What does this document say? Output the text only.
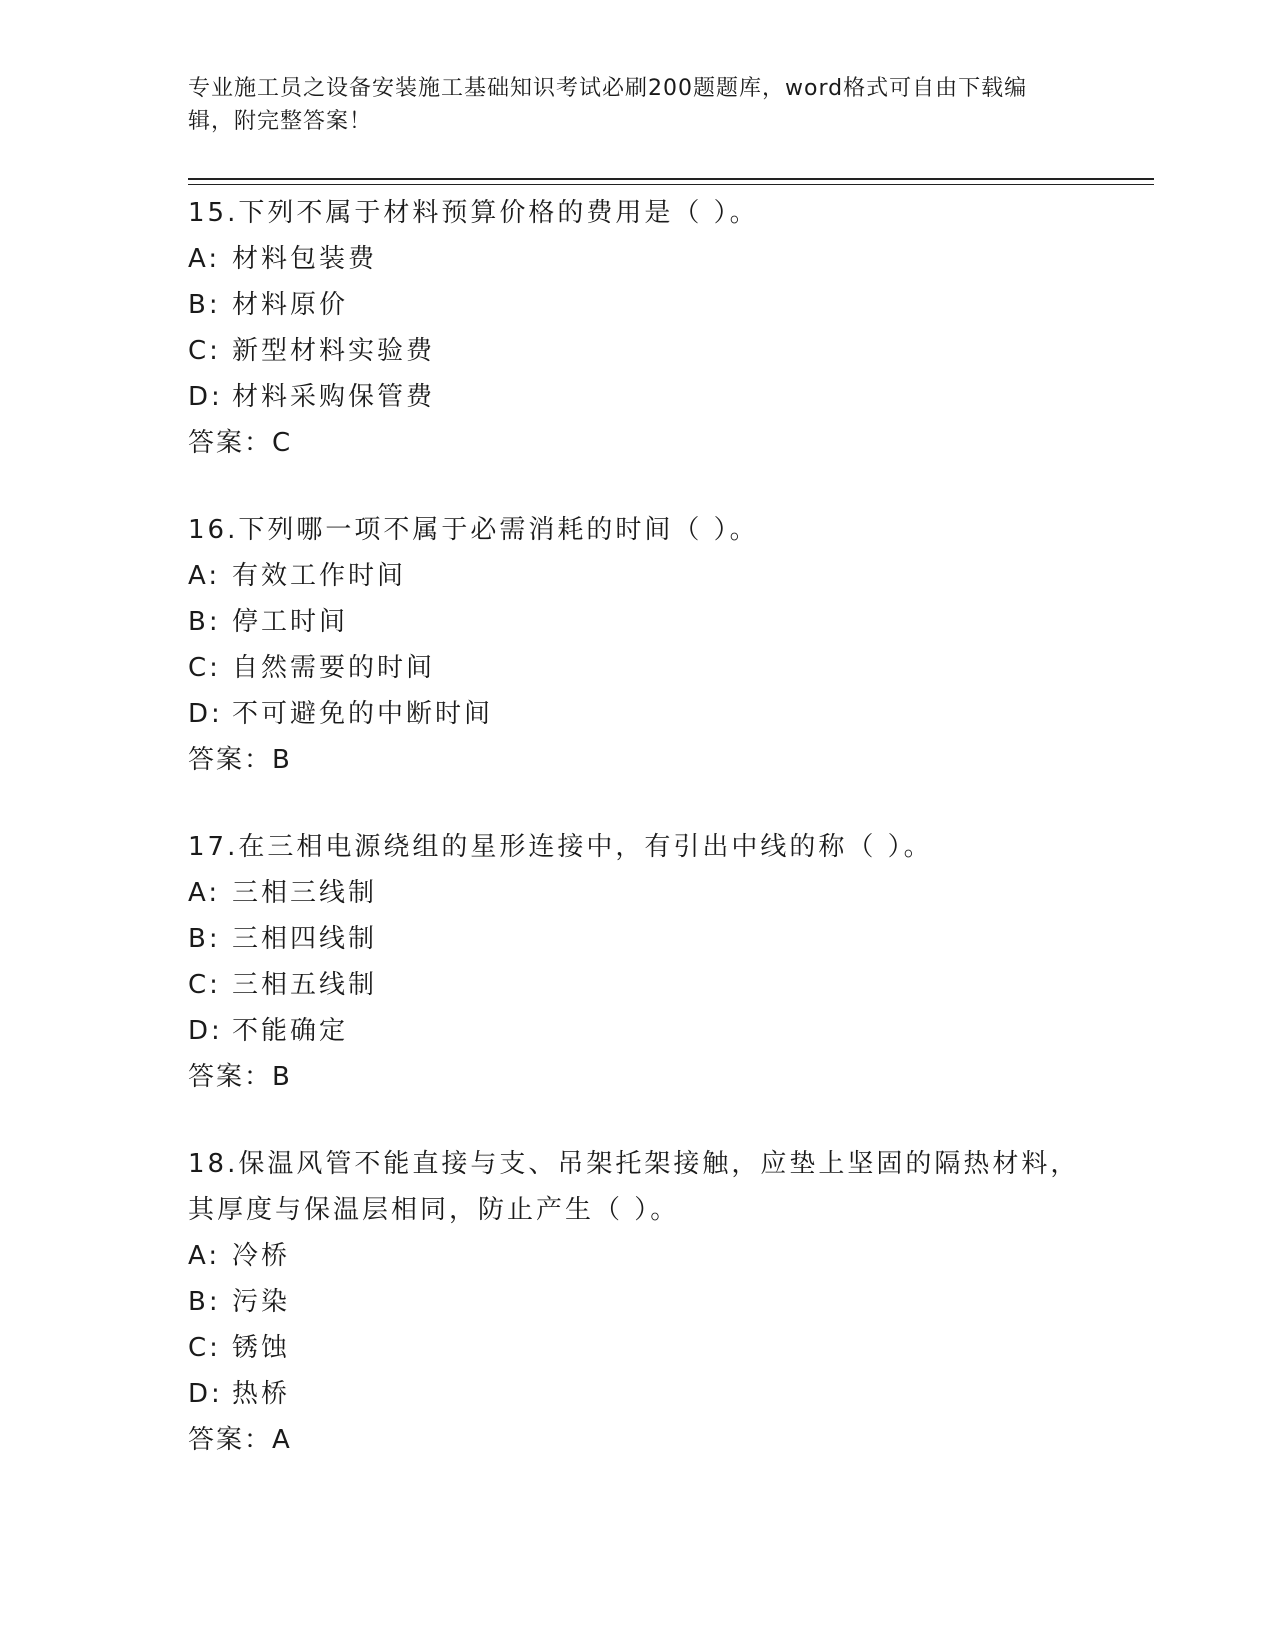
专业施工员之设备安装施工基础知识考试必刷200题题库，word格式可自由下载编辑，附完整答案！
15.下列不属于材料预算价格的费用是（ ）。
A: 材料包装费
B: 材料原价
C: 新型材料实验费
D: 材料采购保管费
答案：C
16.下列哪一项不属于必需消耗的时间（ ）。
A: 有效工作时间
B: 停工时间
C: 自然需要的时间
D: 不可避免的中断时间
答案：B
17.在三相电源绕组的星形连接中，有引出中线的称（ ）。
A: 三相三线制
B: 三相四线制
C: 三相五线制
D: 不能确定
答案：B
18.保温风管不能直接与支、吊架托架接触，应垫上坚固的隔热材料，其厚度与保温层相同，防止产生（ ）。
A: 冷桥
B: 污染
C: 锈蚀
D: 热桥
答案：A
